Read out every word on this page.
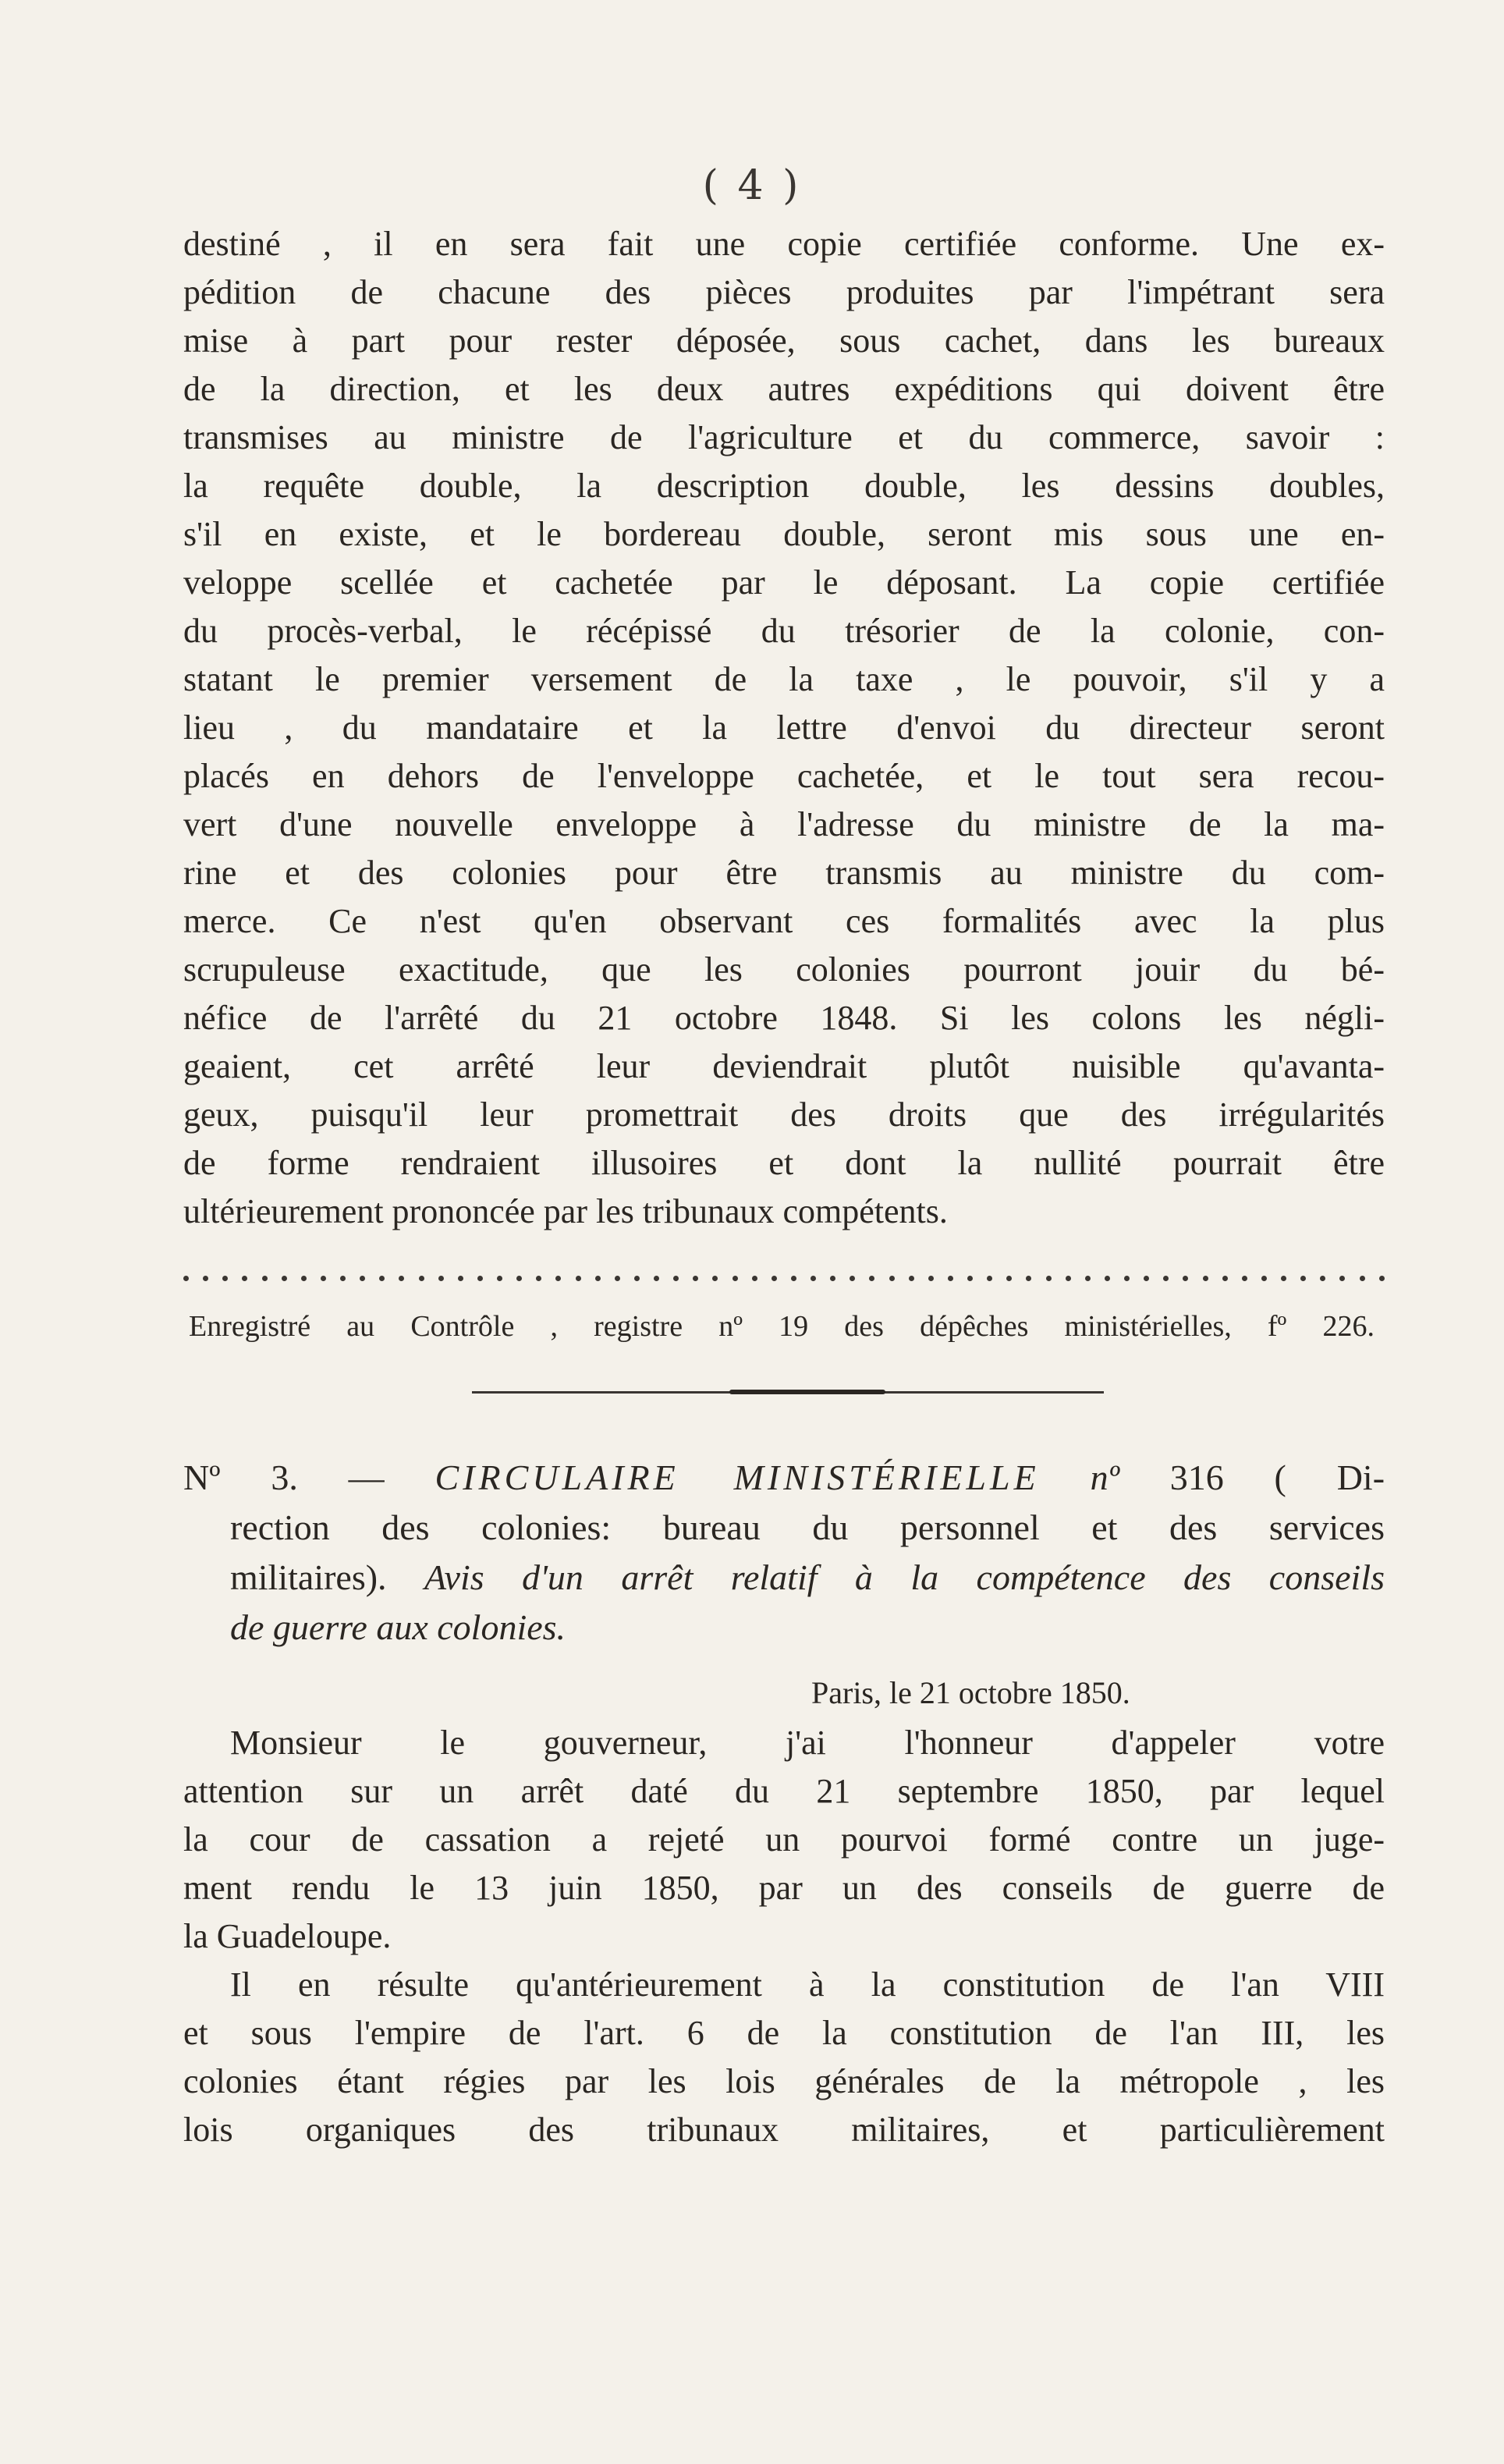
( 4 )
destiné , il en sera fait une copie certifiée conforme. Une ex-
pédition de chacune des pièces produites par l'impétrant sera
mise à part pour rester déposée, sous cachet, dans les bureaux
de la direction, et les deux autres expéditions qui doivent être
transmises au ministre de l'agriculture et du commerce, savoir :
la requête double, la description double, les dessins doubles,
s'il en existe, et le bordereau double, seront mis sous une en-
veloppe scellée et cachetée par le déposant. La copie certifiée
du procès-verbal, le récépissé du trésorier de la colonie, con-
statant le premier versement de la taxe , le pouvoir, s'il y a
lieu , du mandataire et la lettre d'envoi du directeur seront
placés en dehors de l'enveloppe cachetée, et le tout sera recou-
vert d'une nouvelle enveloppe à l'adresse du ministre de la ma-
rine et des colonies pour être transmis au ministre du com-
merce. Ce n'est qu'en observant ces formalités avec la plus
scrupuleuse exactitude, que les colonies pourront jouir du bé-
néfice de l'arrêté du 21 octobre 1848. Si les colons les négli-
geaient, cet arrêté leur deviendrait plutôt nuisible qu'avanta-
geux, puisqu'il leur promettrait des droits que des irrégularités
de forme rendraient illusoires et dont la nullité pourrait être
ultérieurement prononcée par les tribunaux compétents.
Enregistré au Contrôle , registre nº 19 des dépêches ministérielles, fº 226.
Nº 3. — CIRCULAIRE MINISTÉRIELLE nº 316 ( Di-
rection des colonies: bureau du personnel et des services
militaires). Avis d'un arrêt relatif à la compétence des conseils
de guerre aux colonies.
Paris, le 21 octobre 1850.
Monsieur le gouverneur, j'ai l'honneur d'appeler votre
attention sur un arrêt daté du 21 septembre 1850, par lequel
la cour de cassation a rejeté un pourvoi formé contre un juge-
ment rendu le 13 juin 1850, par un des conseils de guerre de
la Guadeloupe.
Il en résulte qu'antérieurement à la constitution de l'an VIII
et sous l'empire de l'art. 6 de la constitution de l'an III, les
colonies étant régies par les lois générales de la métropole , les
lois organiques des tribunaux militaires, et particulièrement
